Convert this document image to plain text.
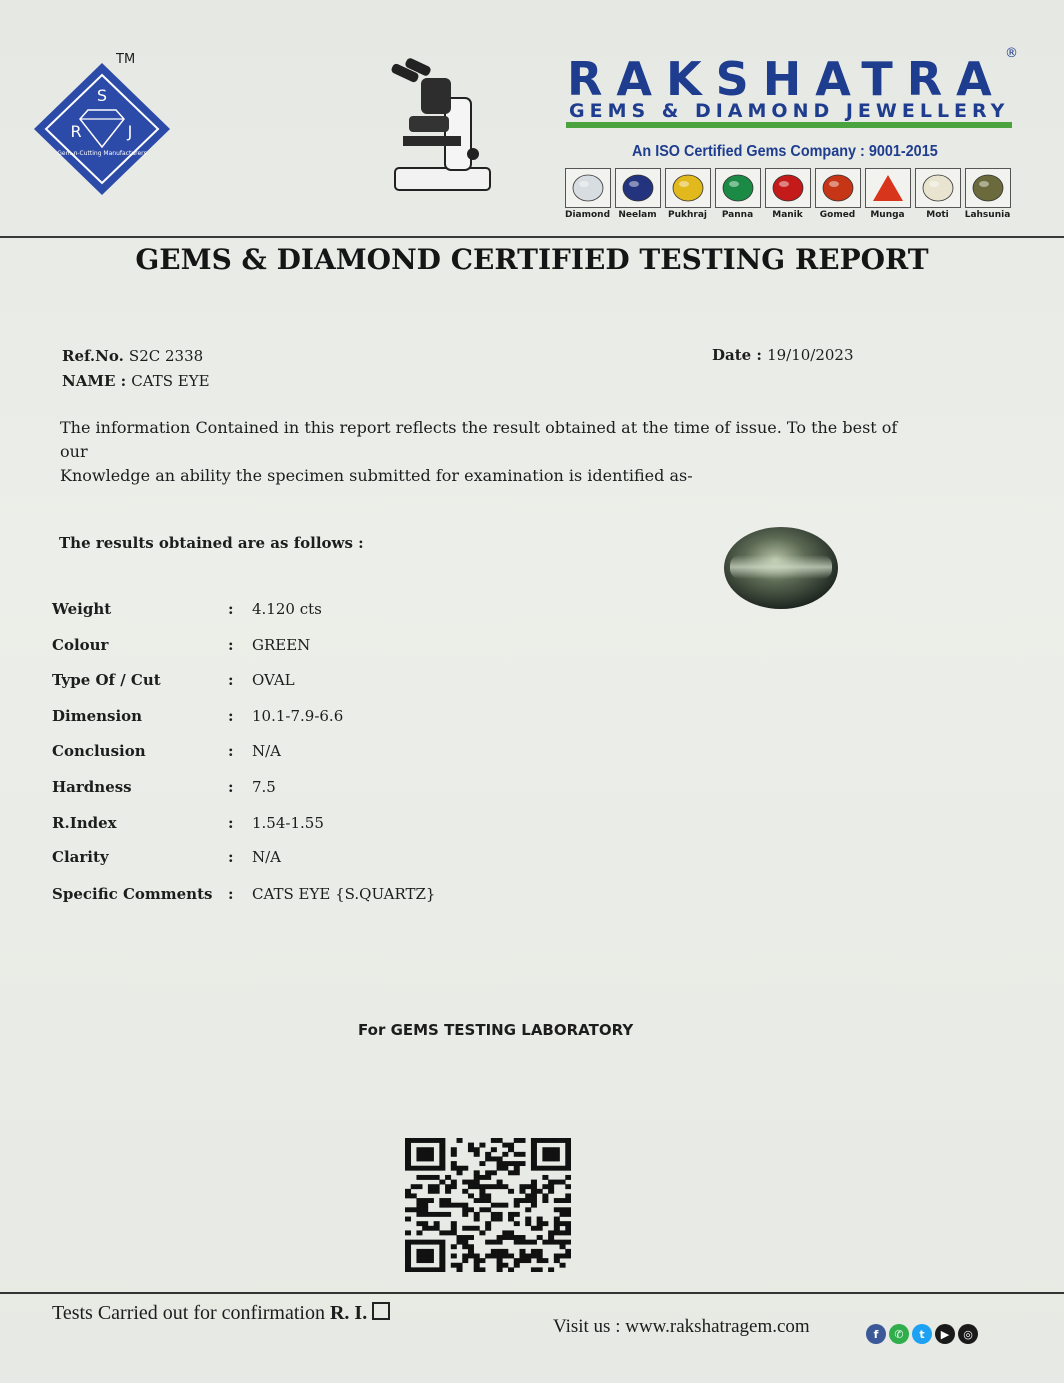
S
R	J
Gem-n-Cutting Manufacturers
TM	RAKSHATRA ®
GEMS & DIAMOND JEWELLERY
An ISO Certified Gems Company : 9001-2015
Diamond Neelam	Pukhraj	Panna	Manik	Gomed	Munga	Moti	Lahsunia
GEMS & DIAMOND CERTIFIED TESTING REPORT
Ref.No. S2C 2338
NAME : CATS EYE
Date : 19/10/2023
The information Contained in this report reflects the result obtained at the time of issue. To the best of our
Knowledge an ability the specimen submitted for examination is identified as-
The results obtained are as follows :
Weight	: 4.120 cts
Colour	: GREEN
Type Of / Cut	: OVAL
Dimension	: 10.1-7.9-6.6
Conclusion	: N/A
Hardness	: 7.5
R.Index	: 1.54-1.55
Clarity	: N/A
Specific Comments : CATS EYE {S.QUARTZ}
For GEMS TESTING LABORATORY
Tests Carried out for confirmation R. I.
Visit us : www.rakshatragem.com	f	✆	t	▶	◎
